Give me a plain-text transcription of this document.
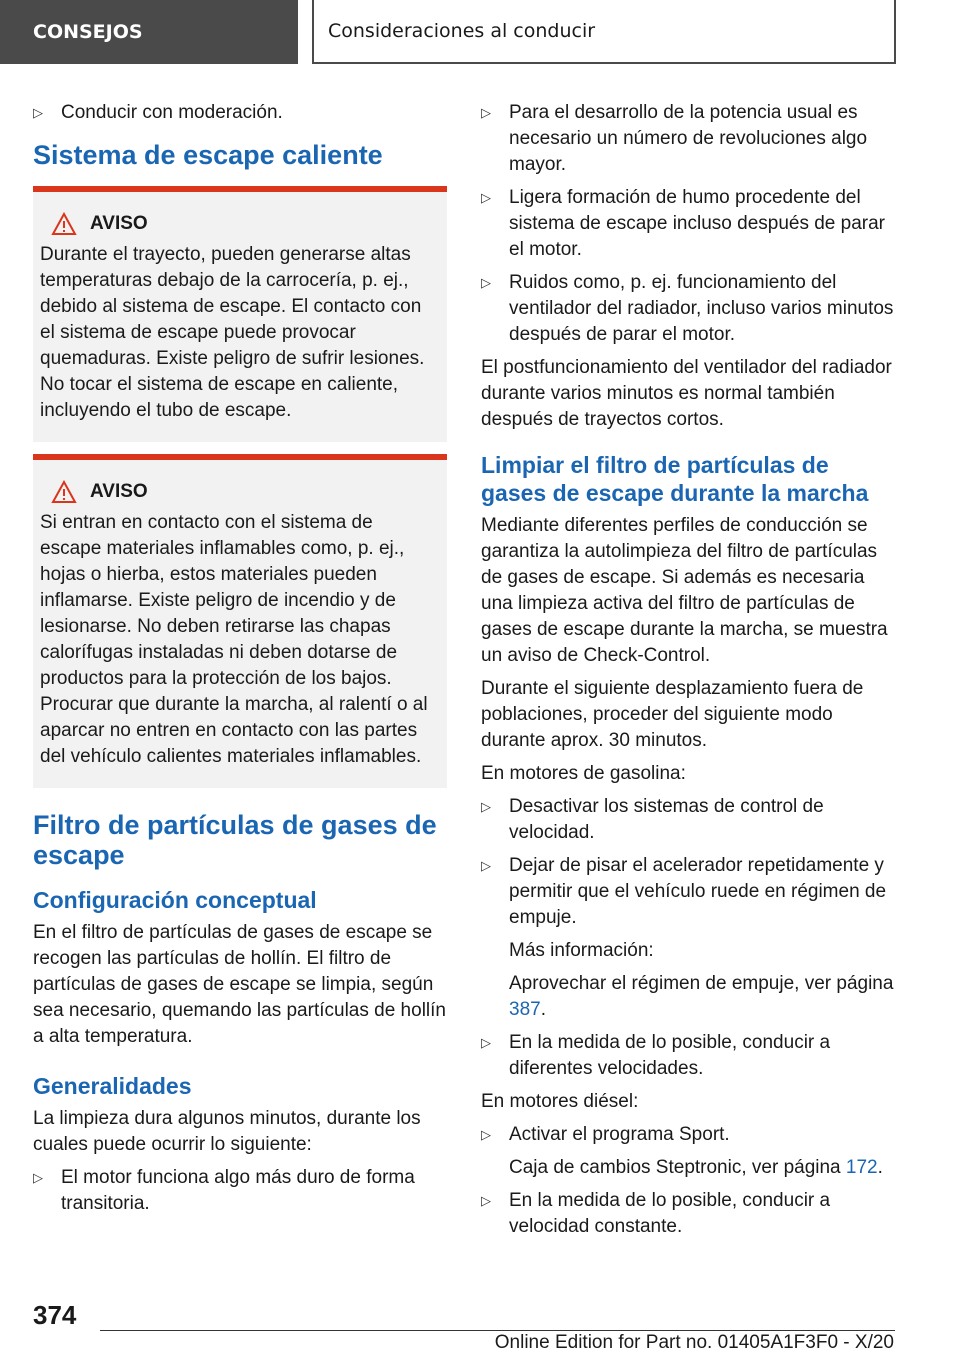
CONSEJOS	Consideraciones al conducir
▷ Conducir con moderación.
Sistema de escape caliente
AVISO
Durante el trayecto, pueden generarse altas temperaturas debajo de la carrocería, p. ej., debido al sistema de escape. El contacto con el sistema de escape puede provocar quemaduras. Existe peligro de sufrir lesiones. No tocar el sistema de escape en caliente, incluyendo el tubo de escape.
AVISO
Si entran en contacto con el sistema de escape materiales inflamables como, p. ej., hojas o hierba, estos materiales pueden inflamarse. Existe peligro de incendio y de lesionarse. No deben retirarse las chapas calorífugas instaladas ni deben dotarse de productos para la protección de los bajos. Procurar que durante la marcha, al ralentí o al aparcar no entren en contacto con las partes del vehículo calientes materiales inflamables.
Filtro de partículas de gases de escape
Configuración conceptual
En el filtro de partículas de gases de escape se recogen las partículas de hollín. El filtro de partículas de gases de escape se limpia, según sea necesario, quemando las partículas de hollín a alta temperatura.
Generalidades
La limpieza dura algunos minutos, durante los cuales puede ocurrir lo siguiente:
▷ El motor funciona algo más duro de forma transitoria.
▷ Para el desarrollo de la potencia usual es necesario un número de revoluciones algo mayor.
▷ Ligera formación de humo procedente del sistema de escape incluso después de parar el motor.
▷ Ruidos como, p. ej. funcionamiento del ventilador del radiador, incluso varios minutos después de parar el motor.
El postfuncionamiento del ventilador del radiador durante varios minutos es normal también después de trayectos cortos.
Limpiar el filtro de partículas de gases de escape durante la marcha
Mediante diferentes perfiles de conducción se garantiza la autolimpieza del filtro de partículas de gases de escape. Si además es necesaria una limpieza activa del filtro de partículas de gases de escape durante la marcha, se muestra un aviso de Check-Control.
Durante el siguiente desplazamiento fuera de poblaciones, proceder del siguiente modo durante aprox. 30 minutos.
En motores de gasolina:
▷ Desactivar los sistemas de control de velocidad.
▷ Dejar de pisar el acelerador repetidamente y permitir que el vehículo ruede en régimen de empuje.
Más información:
Aprovechar el régimen de empuje, ver página 387.
▷ En la medida de lo posible, conducir a diferentes velocidades.
En motores diésel:
▷ Activar el programa Sport.
Caja de cambios Steptronic, ver página 172.
▷ En la medida de lo posible, conducir a velocidad constante.
374
Online Edition for Part no. 01405A1F3F0 - X/20
